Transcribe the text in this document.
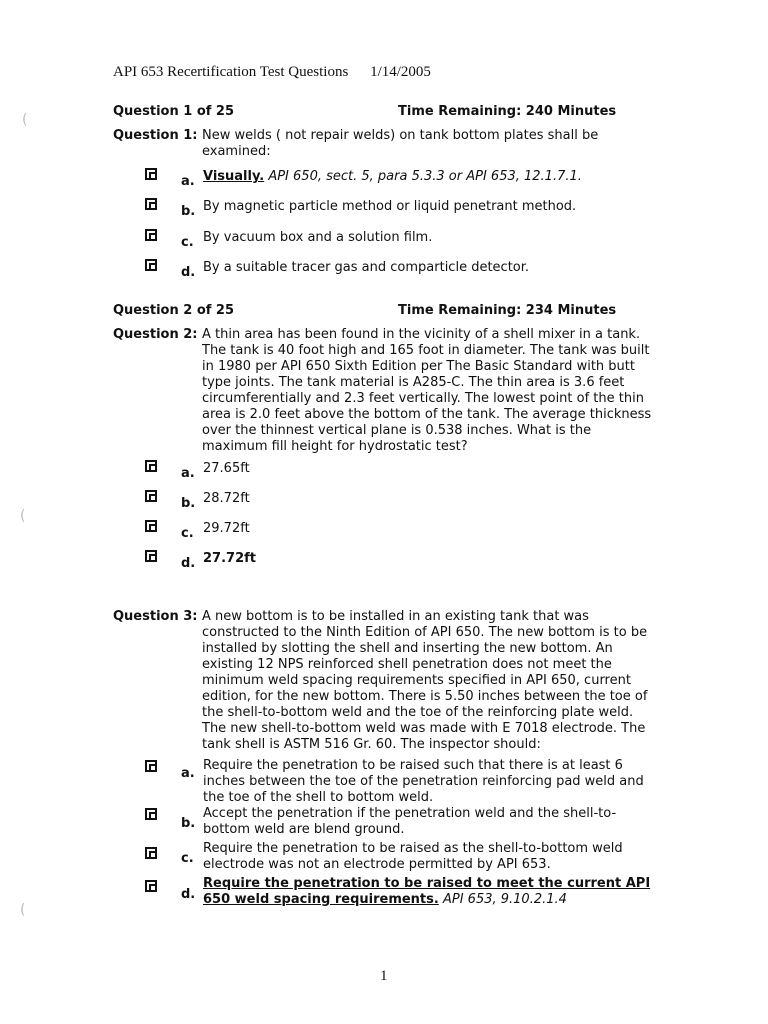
API 653 Recertification Test Questions 1/14/2005
(
(
(
Question 1 of 25	Time Remaining: 240 Minutes
Question 1: New welds ( not repair welds) on tank bottom plates shall be examined:
a. Visually. API 650, sect. 5, para 5.3.3 or API 653, 12.1.7.1.
b. By magnetic particle method or liquid penetrant method.
c. By vacuum box and a solution film.
d. By a suitable tracer gas and comparticle detector.
Question 2 of 25	Time Remaining: 234 Minutes
Question 2: A thin area has been found in the vicinity of a shell mixer in a tank. The tank is 40 foot high and 165 foot in diameter. The tank was built in 1980 per API 650 Sixth Edition per The Basic Standard with butt type joints. The tank material is A285-C. The thin area is 3.6 feet circumferentially and 2.3 feet vertically. The lowest point of the thin area is 2.0 feet above the bottom of the tank. The average thickness over the thinnest vertical plane is 0.538 inches. What is the maximum fill height for hydrostatic test?
a. 27.65ft
b. 28.72ft
c. 29.72ft
d. 27.72ft
Question 3: A new bottom is to be installed in an existing tank that was constructed to the Ninth Edition of API 650. The new bottom is to be installed by slotting the shell and inserting the new bottom. An existing 12 NPS reinforced shell penetration does not meet the minimum weld spacing requirements specified in API 650, current edition, for the new bottom. There is 5.50 inches between the toe of the shell-to-bottom weld and the toe of the reinforcing plate weld. The new shell-to-bottom weld was made with E 7018 electrode. The tank shell is ASTM 516 Gr. 60. The inspector should:
a.
Require the penetration to be raised such that there is at least 6 inches between the toe of the penetration reinforcing pad weld and the toe of the shell to bottom weld.
b.
Accept the penetration if the penetration weld and the shell-to-bottom weld are blend ground.
c.
Require the penetration to be raised as the shell-to-bottom weld electrode was not an electrode permitted by API 653.
d.
Require the penetration to be raised to meet the current API 650 weld spacing requirements. API 653, 9.10.2.1.4
1
